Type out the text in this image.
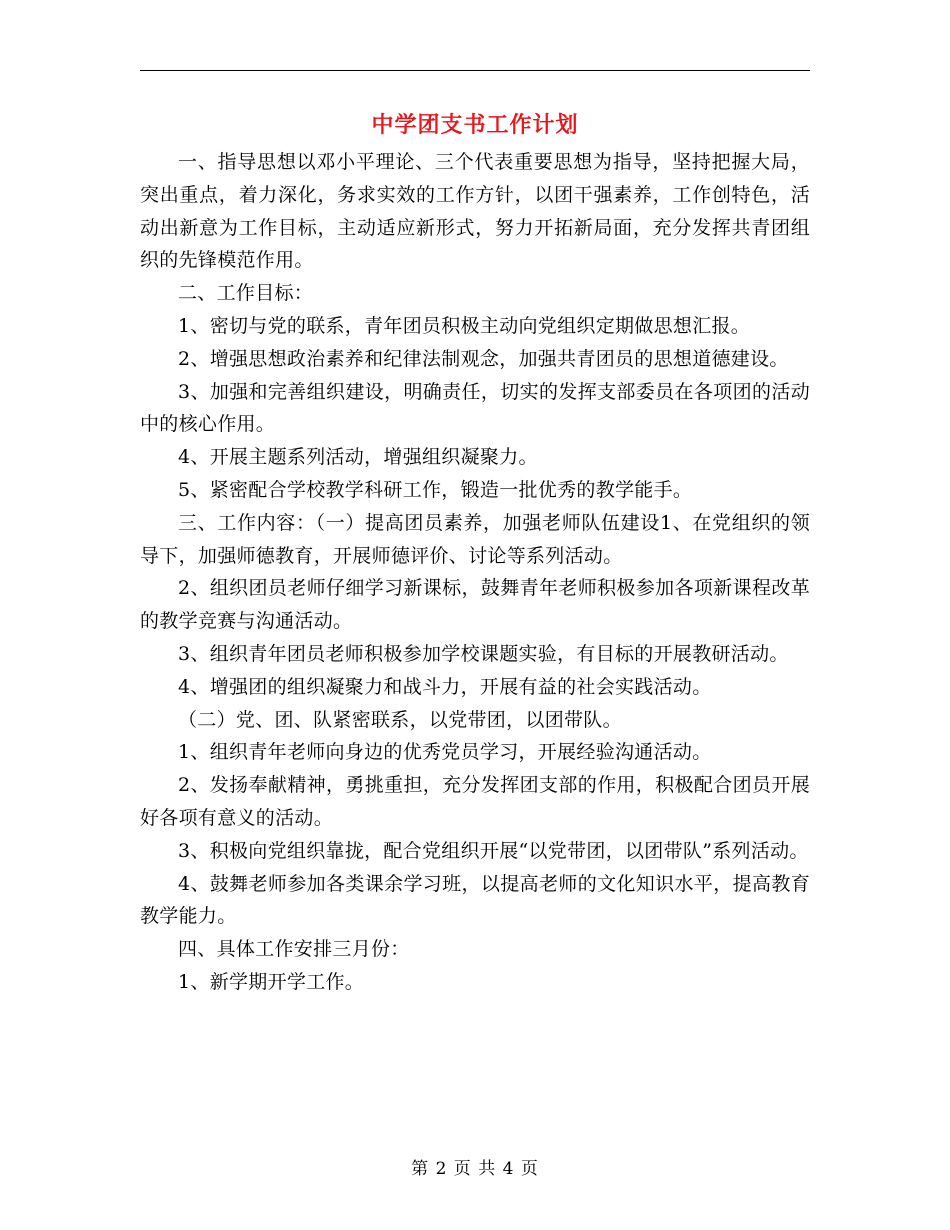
中学团支书工作计划

一、指导思想以邓小平理论、三个代表重要思想为指导，坚持把握大局，突出重点，着力深化，务求实效的工作方针，以团干强素养，工作创特色，活动出新意为工作目标，主动适应新形式，努力开拓新局面，充分发挥共青团组织的先锋模范作用。

二、工作目标：

1、密切与党的联系，青年团员积极主动向党组织定期做思想汇报。

2、增强思想政治素养和纪律法制观念，加强共青团员的思想道德建设。

3、加强和完善组织建设，明确责任，切实的发挥支部委员在各项团的活动中的核心作用。

4、开展主题系列活动，增强组织凝聚力。

5、紧密配合学校教学科研工作，锻造一批优秀的教学能手。

三、工作内容：（一）提高团员素养，加强老师队伍建设1、在党组织的领导下，加强师德教育，开展师德评价、讨论等系列活动。

2、组织团员老师仔细学习新课标，鼓舞青年老师积极参加各项新课程改革的教学竞赛与沟通活动。

3、组织青年团员老师积极参加学校课题实验，有目标的开展教研活动。

4、增强团的组织凝聚力和战斗力，开展有益的社会实践活动。

（二）党、团、队紧密联系，以党带团，以团带队。

1、组织青年老师向身边的优秀党员学习，开展经验沟通活动。

2、发扬奉献精神，勇挑重担，充分发挥团支部的作用，积极配合团员开展好各项有意义的活动。

3、积极向党组织靠拢，配合党组织开展“以党带团，以团带队”系列活动。

4、鼓舞老师参加各类课余学习班，以提高老师的文化知识水平，提高教育教学能力。

四、具体工作安排三月份：

1、新学期开学工作。

第 2 页 共 4 页
